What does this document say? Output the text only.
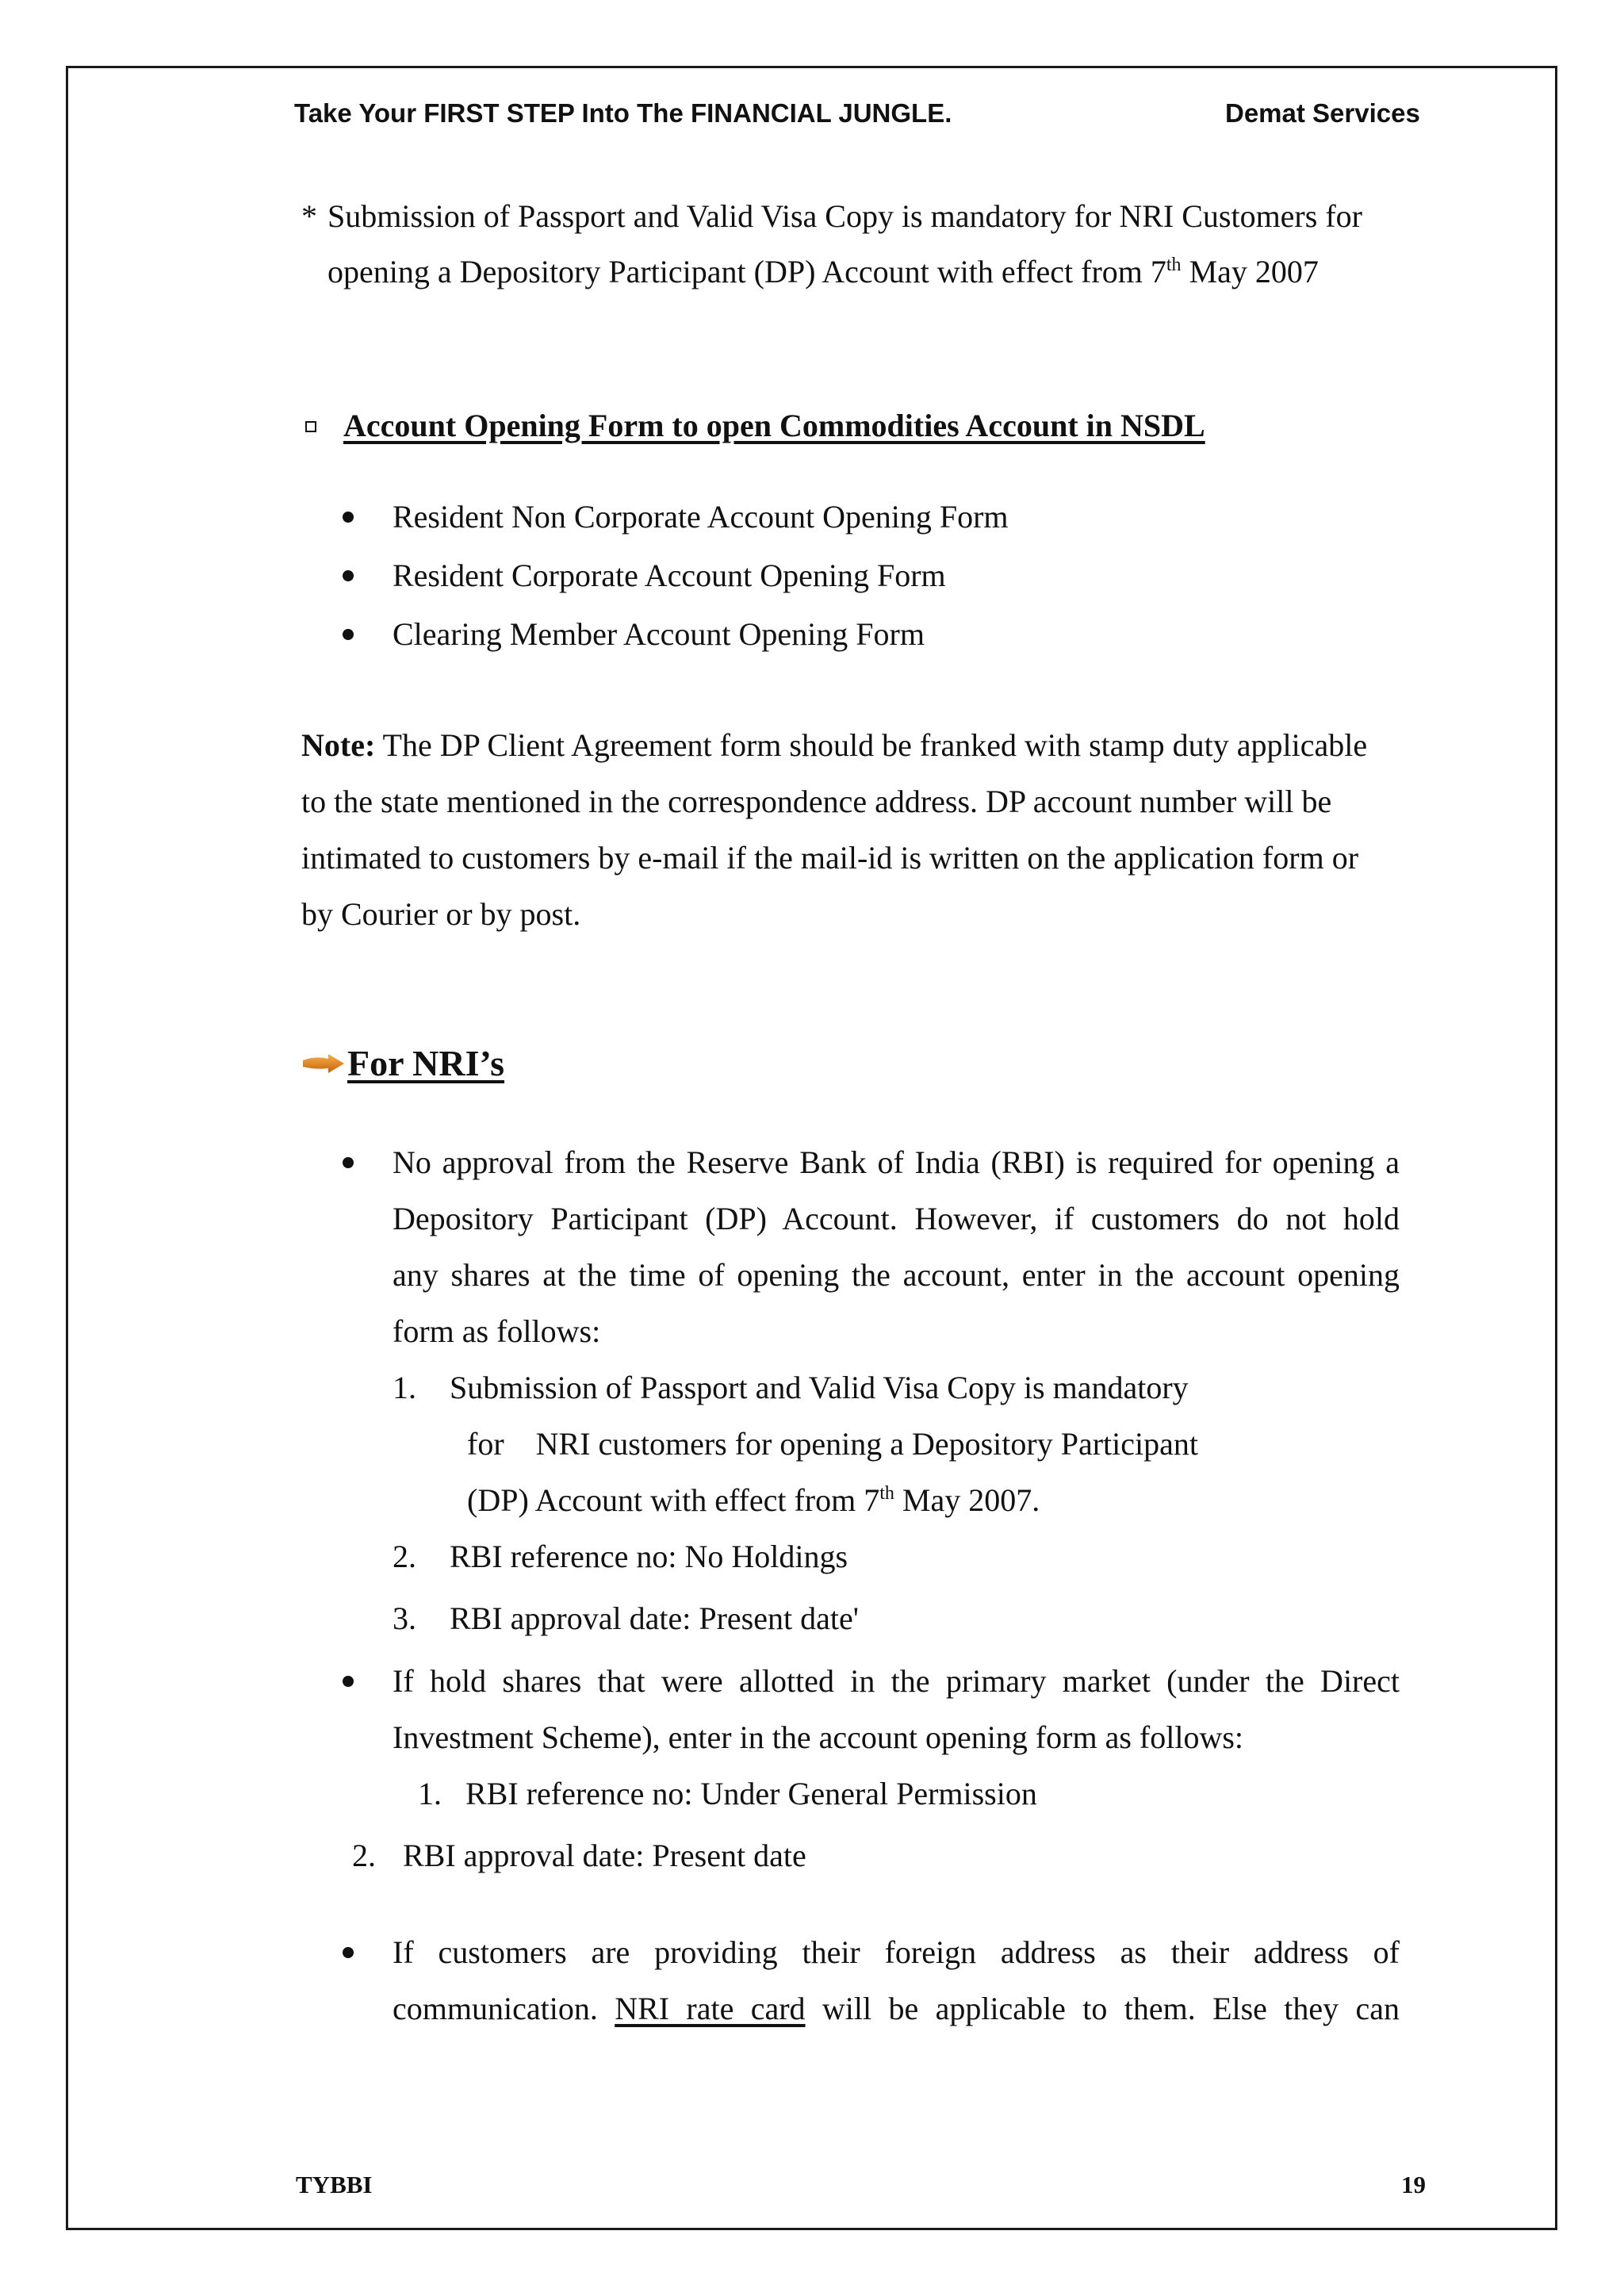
Take Your FIRST STEP Into The FINANCIAL JUNGLE.	Demat Services
* Submission of Passport and Valid Visa Copy is mandatory for NRI Customers for
opening a Depository Participant (DP) Account with effect from 7th May 2007
Account Opening Form to open Commodities Account in NSDL
Resident Non Corporate Account Opening Form
Resident Corporate Account Opening Form
Clearing Member Account Opening Form
Note: The DP Client Agreement form should be franked with stamp duty applicable
to the state mentioned in the correspondence address. DP account number will be
intimated to customers by e-mail if the mail-id is written on the application form or
by Courier or by post.
For NRI’s

No approval from the Reserve Bank of India (RBI) is required for opening a

Depository Participant (DP) Account. However, if customers do not hold

any shares at the time of opening the account, enter in the account opening

form as follows:

1. Submission of Passport and Valid Visa Copy is mandatory
for    NRI customers for opening a Depository Participant
(DP) Account with effect from 7th May 2007.
2. RBI reference no: No Holdings
3. RBI approval date: Present date'

If hold shares that were allotted in the primary market (under the Direct

Investment Scheme), enter in the account opening form as follows:

1. RBI reference no: Under General Permission
2. RBI approval date: Present date

If customers are providing their foreign address as their address of

communication. NRI rate card will be applicable to them. Else they can

TYBBI	19
